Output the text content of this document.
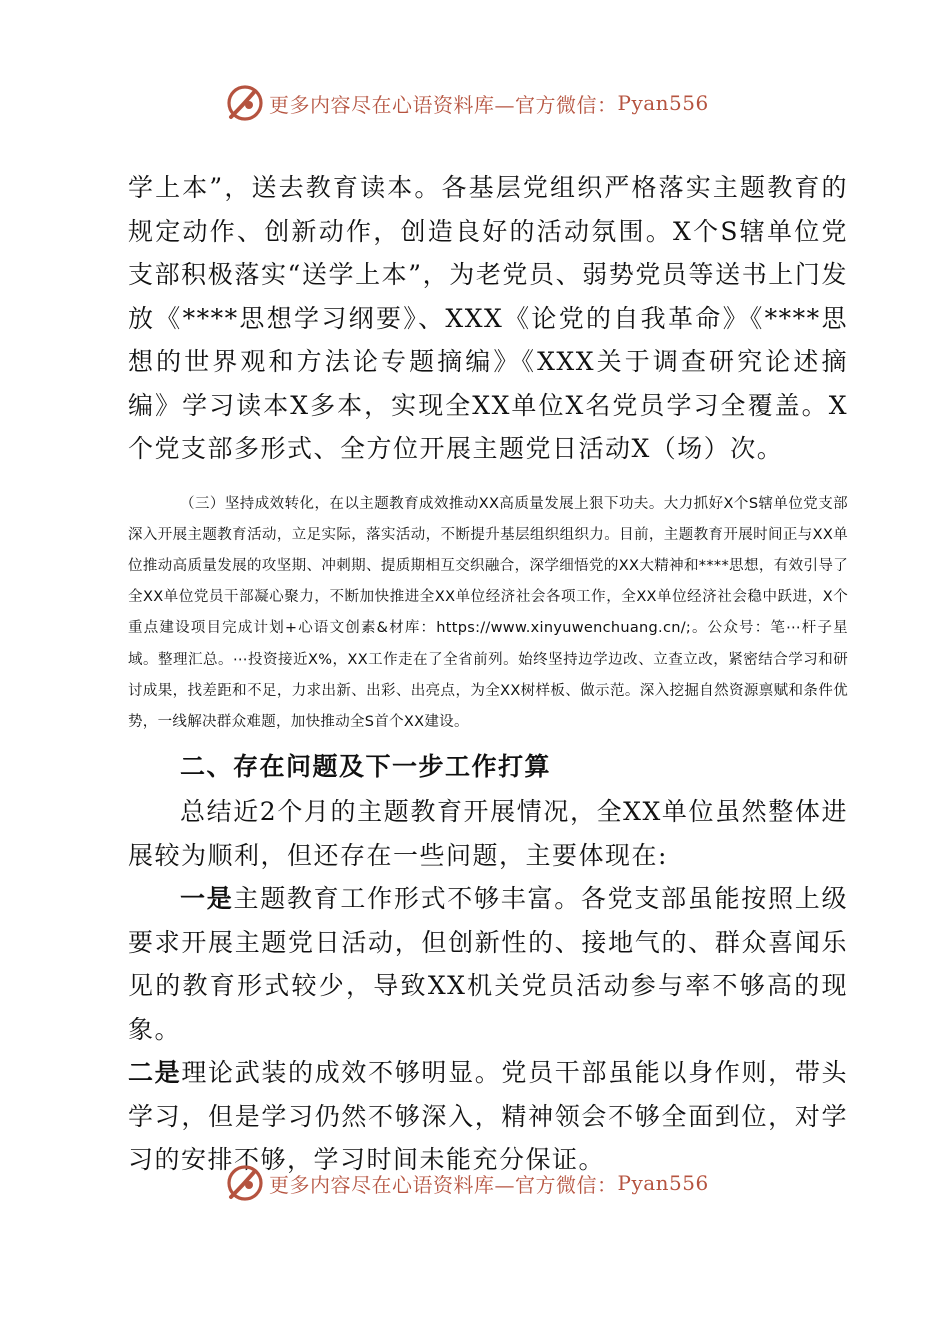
更多内容尽在心语资料库—官方微信： Pyan556

学上本”，送去教育读本。各基层党组织严格落实主题教育的规定动作、创新动作，创造良好的活动氛围。X个S辖单位党支部积极落实“送学上本”，为老党员、弱势党员等送书上门发放《****思想学习纲要》、XXX《论党的自我革命》《****思想的世界观和方法论专题摘编》《XXX关于调查研究论述摘编》学习读本X多本，实现全XX单位X名党员学习全覆盖。X个党支部多形式、全方位开展主题党日活动X（场）次。

（三）坚持成效转化，在以主题教育成效推动XX高质量发展上狠下功夫。大力抓好X个S辖单位党支部深入开展主题教育活动，立足实际，落实活动，不断提升基层组织组织力。目前，主题教育开展时间正与XX单位推动高质量发展的攻坚期、冲刺期、提质期相互交织融合，深学细悟党的XX大精神和****思想，有效引导了全XX单位党员干部凝心聚力，不断加快推进全XX单位经济社会各项工作，全XX单位经济社会稳中跃进，X个重点建设项目完成计划+心语文创素&材库：https://www.xinyuwenchuang.cn/;。公众号：笔⋯杆子星域。整理汇总。⋯投资接近X%，XX工作走在了全省前列。始终坚持边学边改、立查立改，紧密结合学习和研讨成果，找差距和不足，力求出新、出彩、出亮点，为全XX树样板、做示范。深入挖掘自然资源禀赋和条件优势，一线解决群众难题，加快推动全S首个XX建设。

二、存在问题及下一步工作打算

总结近2个月的主题教育开展情况，全XX单位虽然整体进展较为顺利，但还存在一些问题，主要体现在:

一是主题教育工作形式不够丰富。各党支部虽能按照上级要求开展主题党日活动，但创新性的、接地气的、群众喜闻乐见的教育形式较少，导致XX机关党员活动参与率不够高的现象。

二是理论武装的成效不够明显。党员干部虽能以身作则，带头学习，但是学习仍然不够深入，精神领会不够全面到位，对学习的安排不够，学习时间未能充分保证。

更多内容尽在心语资料库—官方微信： Pyan556
